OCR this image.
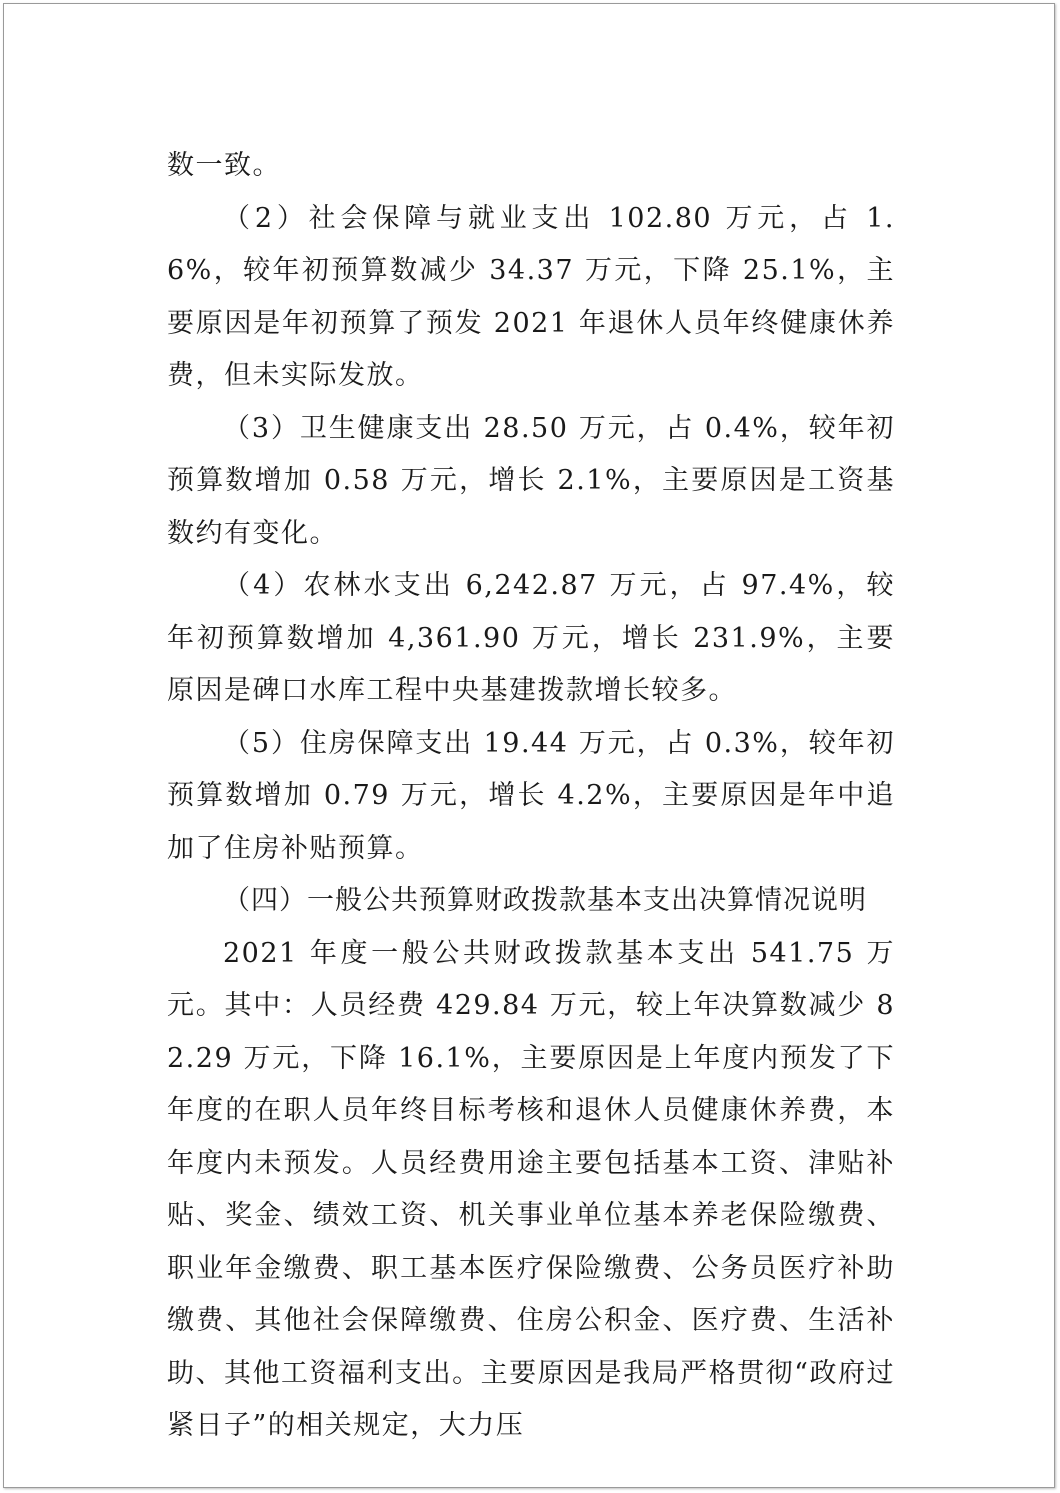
数一致。

（2）社会保障与就业支出 102.80 万元，占 1.6%，较年初预算数减少 34.37 万元，下降 25.1%，主要原因是年初预算了预发 2021 年退休人员年终健康休养费，但未实际发放。

（3）卫生健康支出 28.50 万元，占 0.4%，较年初预算数增加 0.58 万元，增长 2.1%，主要原因是工资基数约有变化。

（4）农林水支出 6,242.87 万元，占 97.4%，较年初预算数增加 4,361.90 万元，增长 231.9%，主要原因是碑口水库工程中央基建拨款增长较多。

（5）住房保障支出 19.44 万元，占 0.3%，较年初预算数增加 0.79 万元，增长 4.2%，主要原因是年中追加了住房补贴预算。

（四）一般公共预算财政拨款基本支出决算情况说明

2021 年度一般公共财政拨款基本支出 541.75 万元。其中：人员经费 429.84 万元，较上年决算数减少 82.29 万元，下降 16.1%，主要原因是上年度内预发了下年度的在职人员年终目标考核和退休人员健康休养费，本年度内未预发。人员经费用途主要包括基本工资、津贴补贴、奖金、绩效工资、机关事业单位基本养老保险缴费、职业年金缴费、职工基本医疗保险缴费、公务员医疗补助缴费、其他社会保障缴费、住房公积金、医疗费、生活补助、其他工资福利支出。主要原因是我局严格贯彻“政府过紧日子”的相关规定，大力压
